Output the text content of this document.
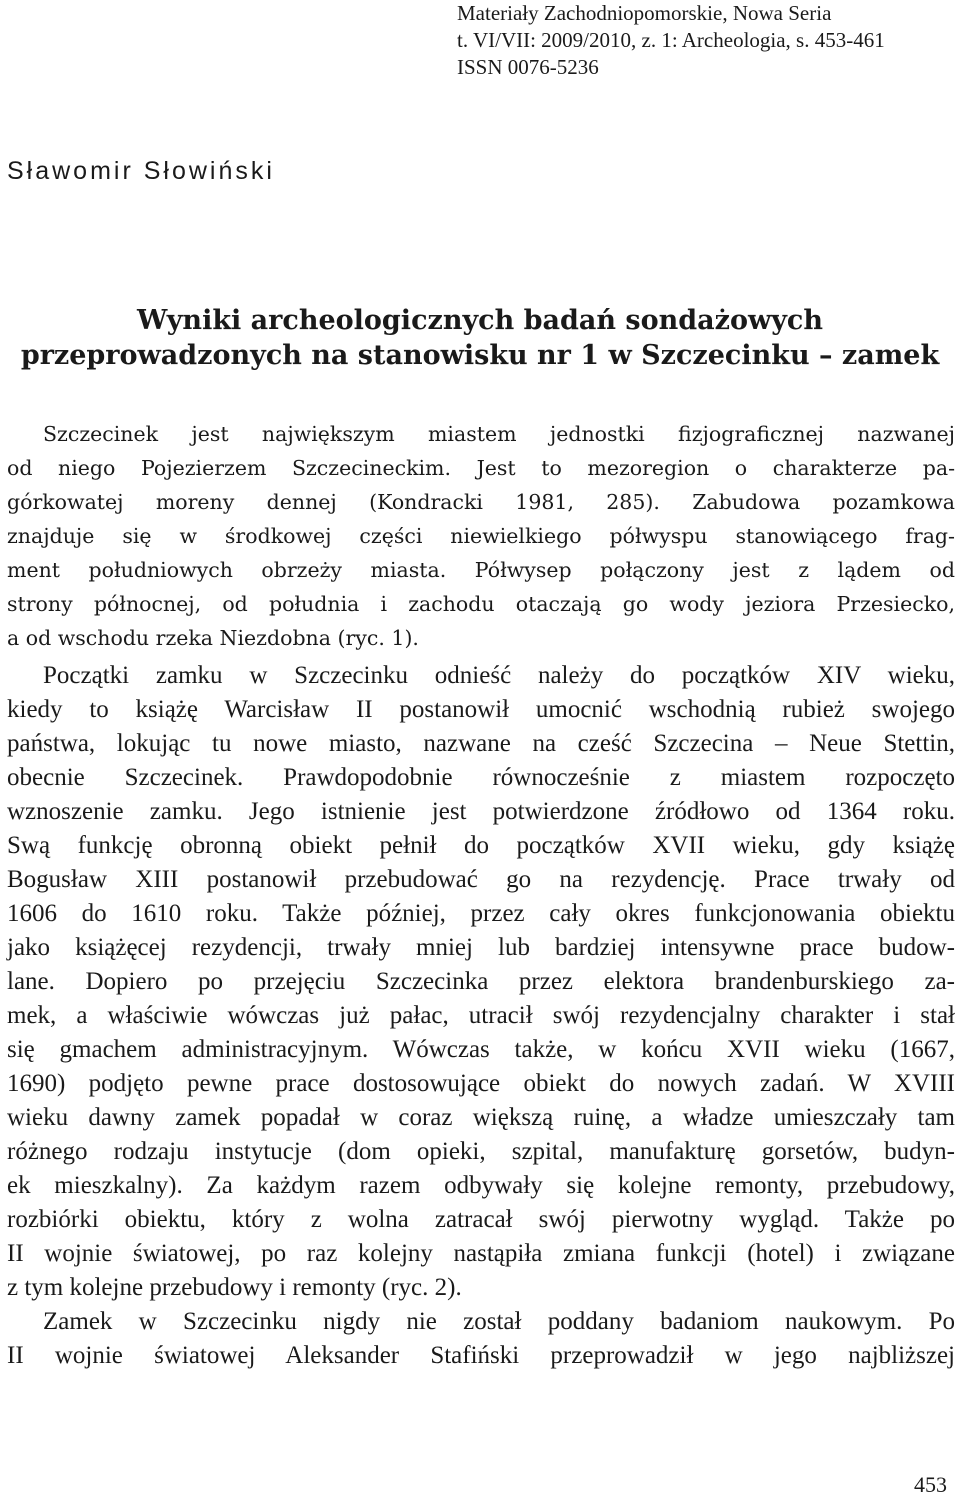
Materiały Zachodniopomorskie, Nowa Seria
t. VI/VII: 2009/2010, z. 1: Archeologia, s. 453-461
ISSN 0076-5236
Sławomir Słowiński
Wyniki archeologicznych badań sondażowych
przeprowadzonych na stanowisku nr 1 w Szczecinku – zamek
Szczecinek jest największym miastem jednostki fizjograficznej nazwanej
od niego Pojezierzem Szczecineckim. Jest to mezoregion o charakterze pa-
górkowatej moreny dennej (Kondracki 1981, 285). Zabudowa pozamkowa
znajduje się w środkowej części niewielkiego półwyspu stanowiącego frag-
ment południowych obrzeży miasta. Półwysep połączony jest z lądem od
strony północnej, od południa i zachodu otaczają go wody jeziora Przesiecko,
a od wschodu rzeka Niezdobna (ryc. 1).
Początki zamku w Szczecinku odnieść należy do początków XIV wieku,
kiedy to książę Warcisław II postanowił umocnić wschodnią rubież swojego
państwa, lokując tu nowe miasto, nazwane na cześć Szczecina – Neue Stettin,
obecnie Szczecinek. Prawdopodobnie równocześnie z miastem rozpoczęto
wznoszenie zamku. Jego istnienie jest potwierdzone źródłowo od 1364 roku.
Swą funkcję obronną obiekt pełnił do początków XVII wieku, gdy książę
Bogusław XIII postanowił przebudować go na rezydencję. Prace trwały od
1606 do 1610 roku. Także później, przez cały okres funkcjonowania obiektu
jako książęcej rezydencji, trwały mniej lub bardziej intensywne prace budow-
lane. Dopiero po przejęciu Szczecinka przez elektora brandenburskiego za-
mek, a właściwie wówczas już pałac, utracił swój rezydencjalny charakter i stał
się gmachem administracyjnym. Wówczas także, w końcu XVII wieku (1667,
1690) podjęto pewne prace dostosowujące obiekt do nowych zadań. W XVIII
wieku dawny zamek popadał w coraz większą ruinę, a władze umieszczały tam
różnego rodzaju instytucje (dom opieki, szpital, manufakturę gorsetów, budyn-
ek mieszkalny). Za każdym razem odbywały się kolejne remonty, przebudowy,
rozbiórki obiektu, który z wolna zatracał swój pierwotny wygląd. Także po
II wojnie światowej, po raz kolejny nastąpiła zmiana funkcji (hotel) i związane
z tym kolejne przebudowy i remonty (ryc. 2).
Zamek w Szczecinku nigdy nie został poddany badaniom naukowym. Po
II wojnie światowej Aleksander Stafiński przeprowadził w jego najbliższej
453
